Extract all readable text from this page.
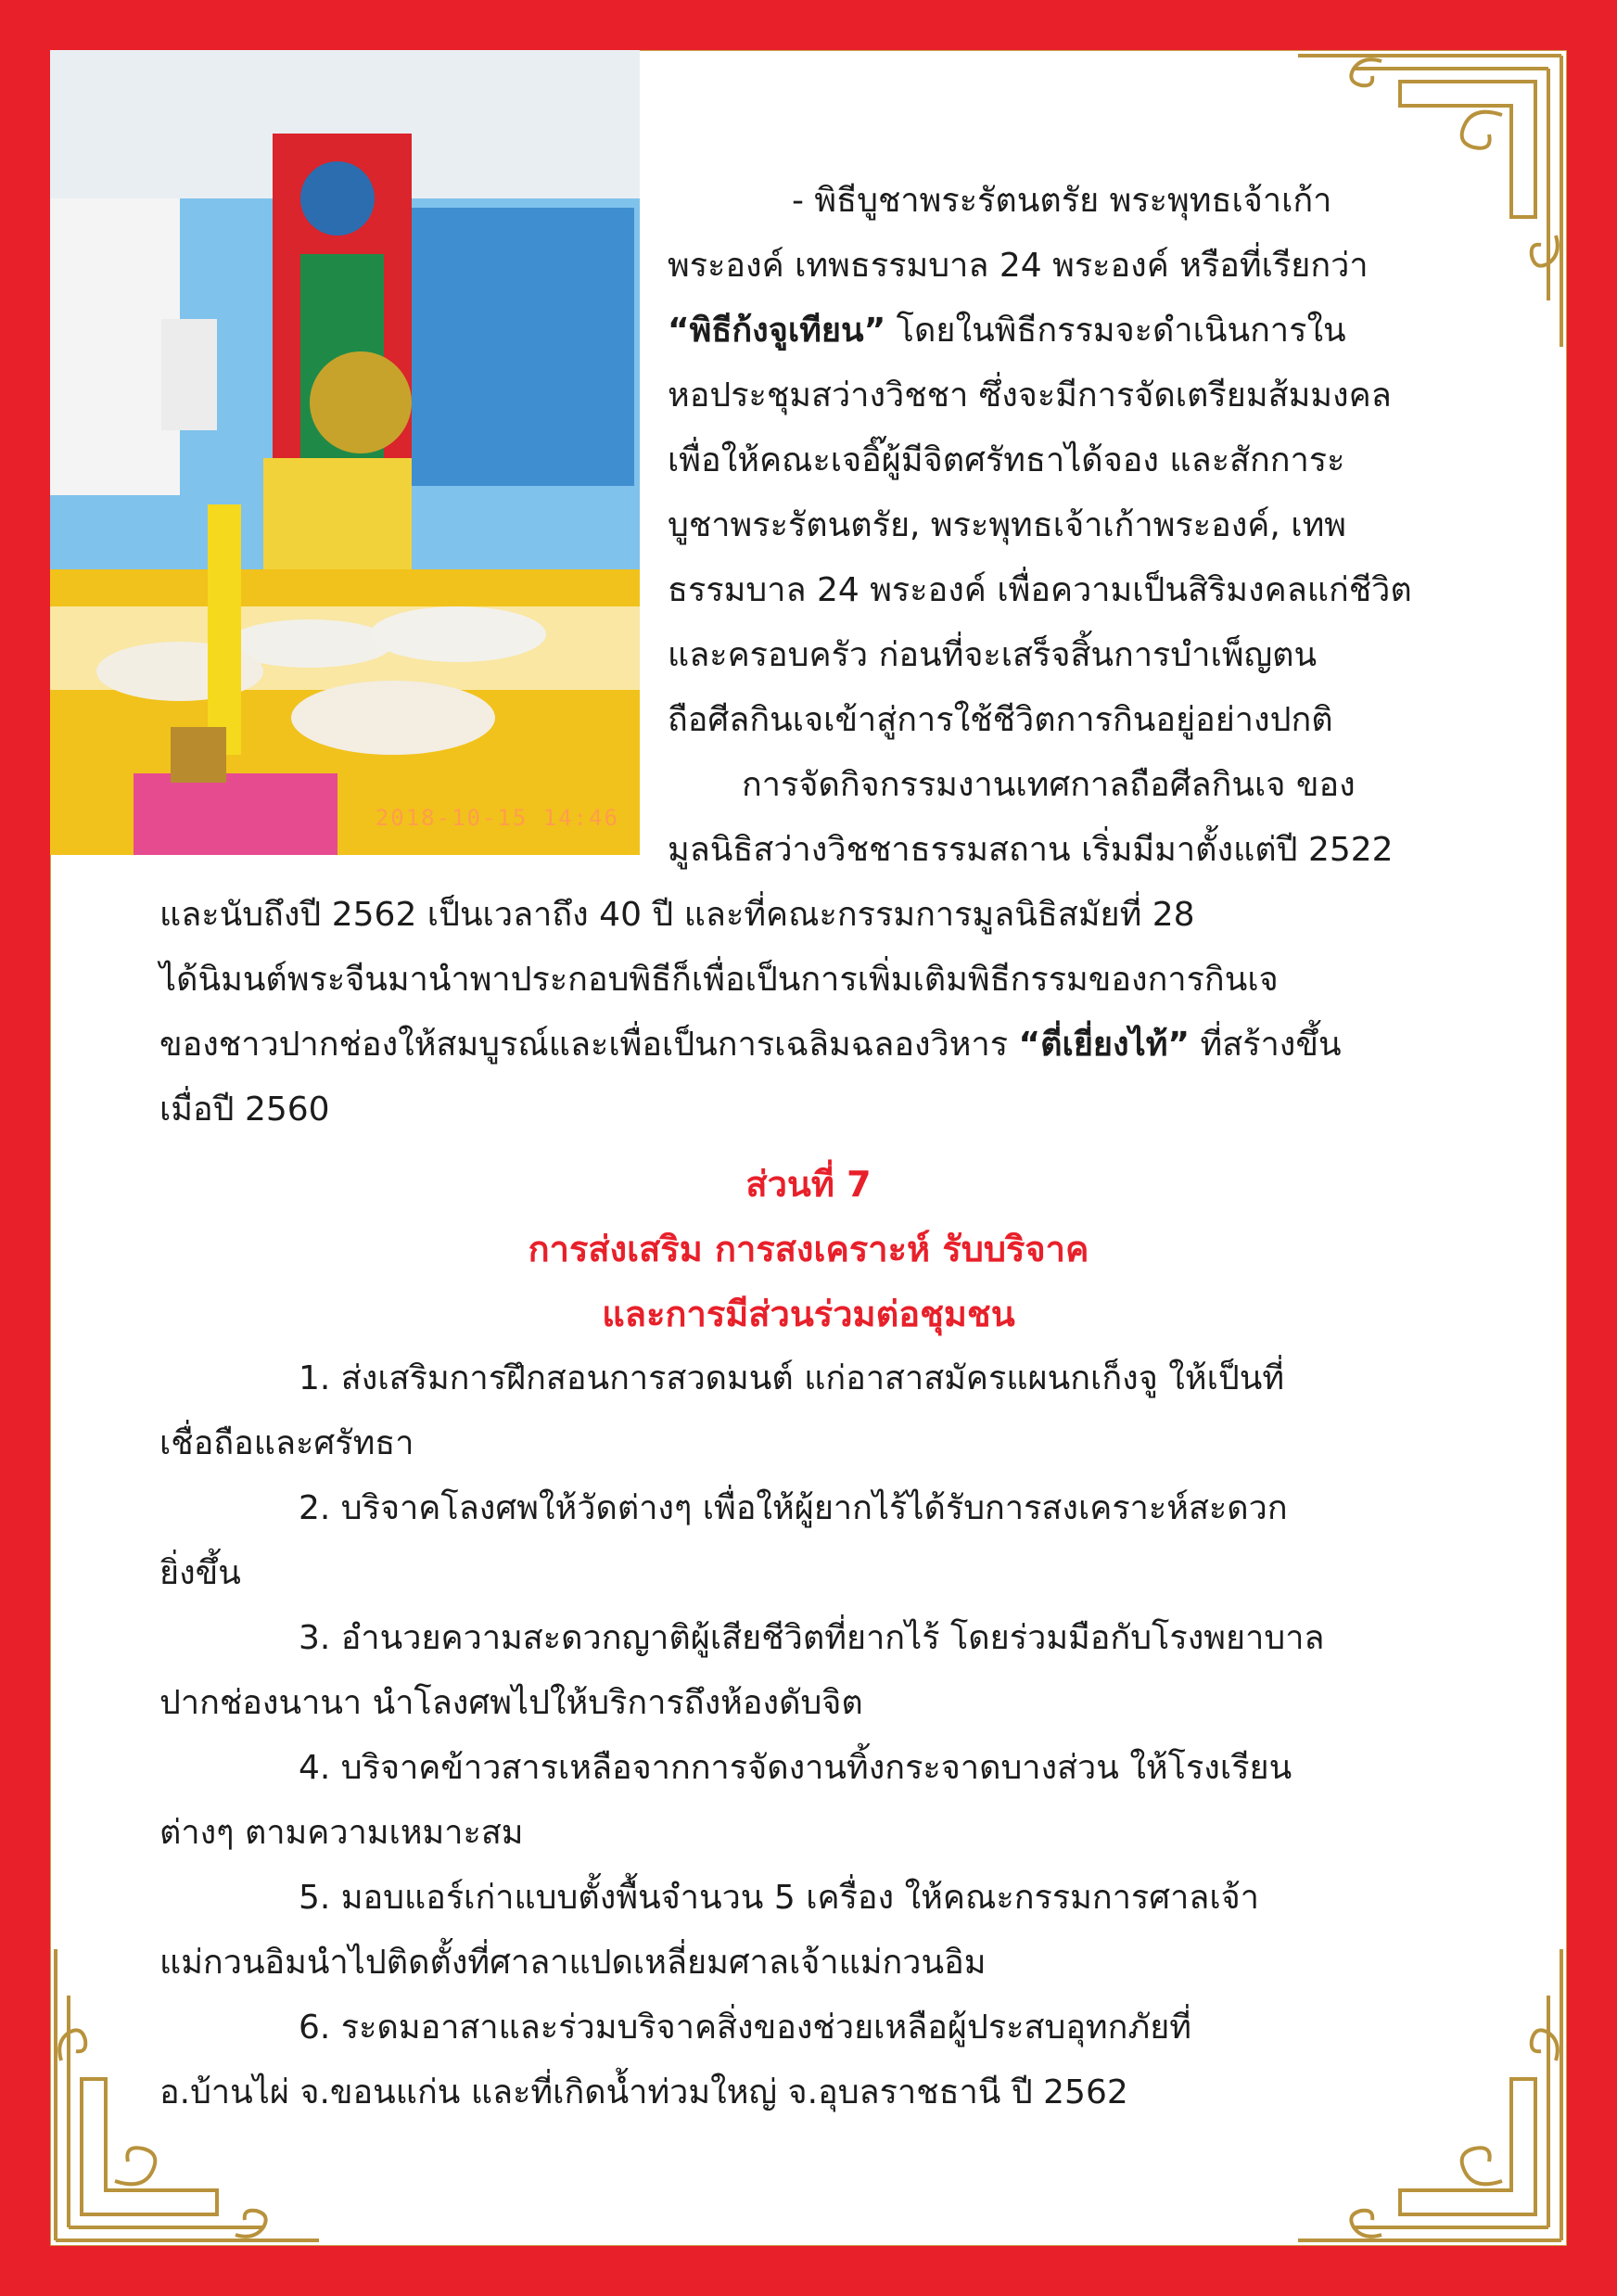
2018-10-15 14:46

- พิธีบูชาพระรัตนตรัย พระพุทธเจ้าเก้า

พระองค์ เทพธรรมบาล 24 พระองค์ หรือที่เรียกว่า

“พิธีก้งจูเทียน” โดยในพิธีกรรมจะดำเนินการใน

หอประชุมสว่างวิชชา ซึ่งจะมีการจัดเตรียมส้มมงคล

เพื่อให้คณะเจอิ๊ผู้มีจิตศรัทธาได้จอง และสักการะ

บูชาพระรัตนตรัย, พระพุทธเจ้าเก้าพระองค์, เทพ

ธรรมบาล 24 พระองค์ เพื่อความเป็นสิริมงคลแก่ชีวิต

และครอบครัว ก่อนที่จะเสร็จสิ้นการบำเพ็ญตน

ถือศีลกินเจเข้าสู่การใช้ชีวิตการกินอยู่อย่างปกติ

การจัดกิจกรรมงานเทศกาลถือศีลกินเจ ของ

มูลนิธิสว่างวิชชาธรรมสถาน เริ่มมีมาตั้งแต่ปี 2522

และนับถึงปี 2562 เป็นเวลาถึง 40 ปี และที่คณะกรรมการมูลนิธิสมัยที่ 28

ได้นิมนต์พระจีนมานำพาประกอบพิธีก็เพื่อเป็นการเพิ่มเติมพิธีกรรมของการกินเจ

ของชาวปากช่องให้สมบูรณ์และเพื่อเป็นการเฉลิมฉลองวิหาร “ตี่เยี่ยงไท้” ที่สร้างขึ้น

เมื่อปี 2560

ส่วนที่ 7
การส่งเสริม การสงเคราะห์ รับบริจาค
และการมีส่วนร่วมต่อชุมชน

1. ส่งเสริมการฝึกสอนการสวดมนต์ แก่อาสาสมัครแผนกเก็งจู ให้เป็นที่

เชื่อถือและศรัทธา

2. บริจาคโลงศพให้วัดต่างๆ เพื่อให้ผู้ยากไร้ได้รับการสงเคราะห์สะดวก

ยิ่งขึ้น

3. อำนวยความสะดวกญาติผู้เสียชีวิตที่ยากไร้ โดยร่วมมือกับโรงพยาบาล

ปากช่องนานา นำโลงศพไปให้บริการถึงห้องดับจิต

4. บริจาคข้าวสารเหลือจากการจัดงานทิ้งกระจาดบางส่วน ให้โรงเรียน

ต่างๆ ตามความเหมาะสม

5. มอบแอร์เก่าแบบตั้งพื้นจำนวน 5 เครื่อง ให้คณะกรรมการศาลเจ้า

แม่กวนอิมนำไปติดตั้งที่ศาลาแปดเหลี่ยมศาลเจ้าแม่กวนอิม

6. ระดมอาสาและร่วมบริจาคสิ่งของช่วยเหลือผู้ประสบอุทกภัยที่

อ.บ้านไผ่ จ.ขอนแก่น และที่เกิดน้ำท่วมใหญ่ จ.อุบลราชธานี ปี 2562
